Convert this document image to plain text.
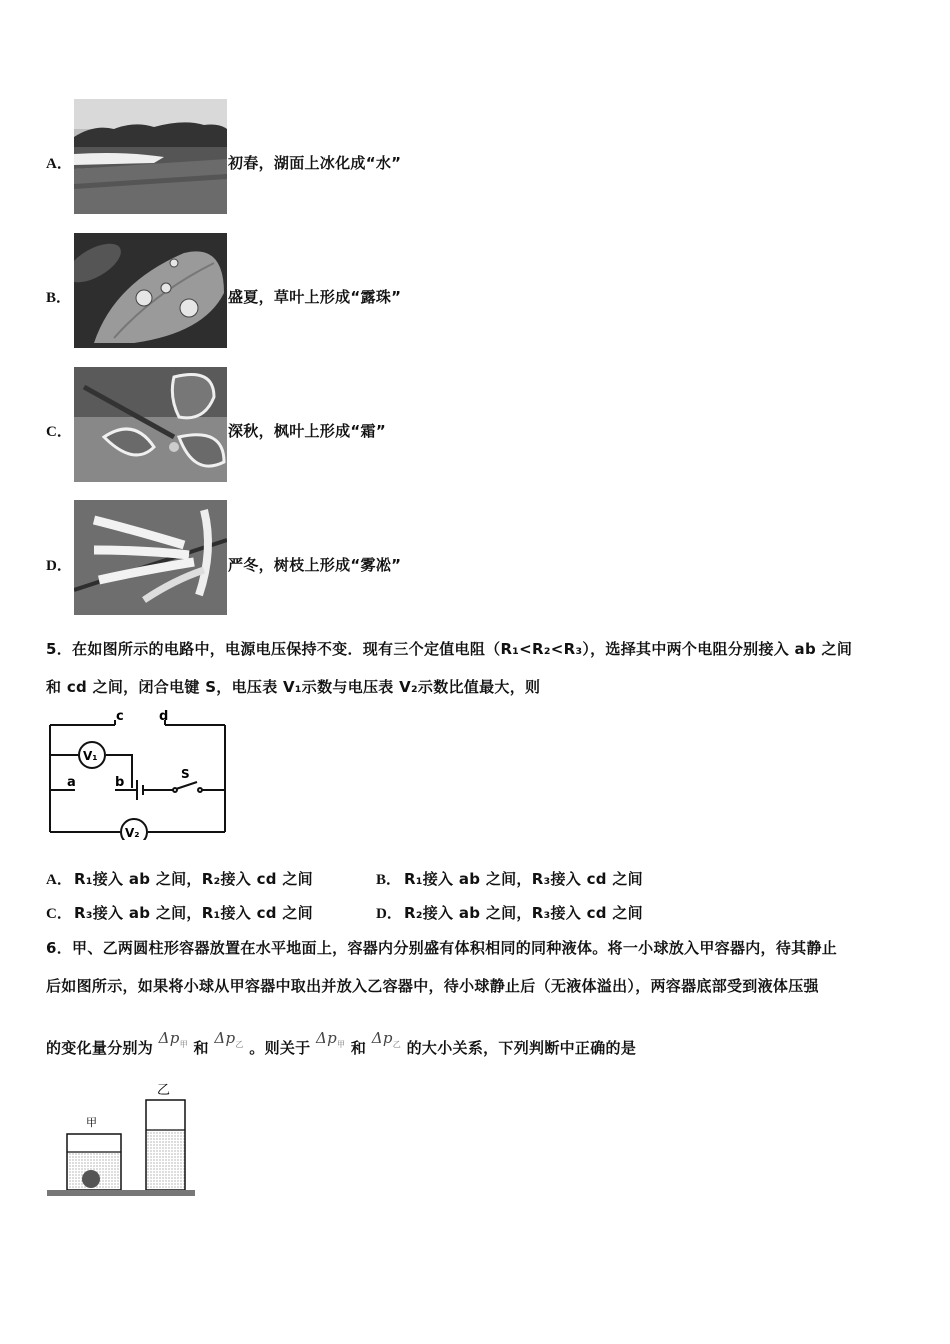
A．	初春，湖面上冰化成“水”
B．	盛夏，草叶上形成“露珠”
C．	深秋，枫叶上形成“霜”
D．	严冬，树枝上形成“雾凇”
5．在如图所示的电路中，电源电压保持不变．现有三个定值电阻（R₁<R₂<R₃），选择其中两个电阻分别接入 ab 之间
和 cd 之间，闭合电键 S，电压表 V₁示数与电压表 V₂示数比值最大，则
c	d
a	b
S
V₁
V₂
A． R₁接入 ab 之间，R₂接入 cd 之间	B． R₁接入 ab 之间，R₃接入 cd 之间
C． R₃接入 ab 之间，R₁接入 cd 之间	D． R₂接入 ab 之间，R₃接入 cd 之间
6．甲、乙两圆柱形容器放置在水平地面上，容器内分别盛有体积相同的同种液体。将一小球放入甲容器内，待其静止
后如图所示，如果将小球从甲容器中取出并放入乙容器中，待小球静止后（无液体溢出），两容器底部受到液体压强
的变化量分别为 $\Delta p_甲$ 和 $\Delta p_乙$ 。则关于 $\Delta p_甲$ 和 $\Delta p_乙$ 的大小关系，下列判断中正确的是
甲
乙
